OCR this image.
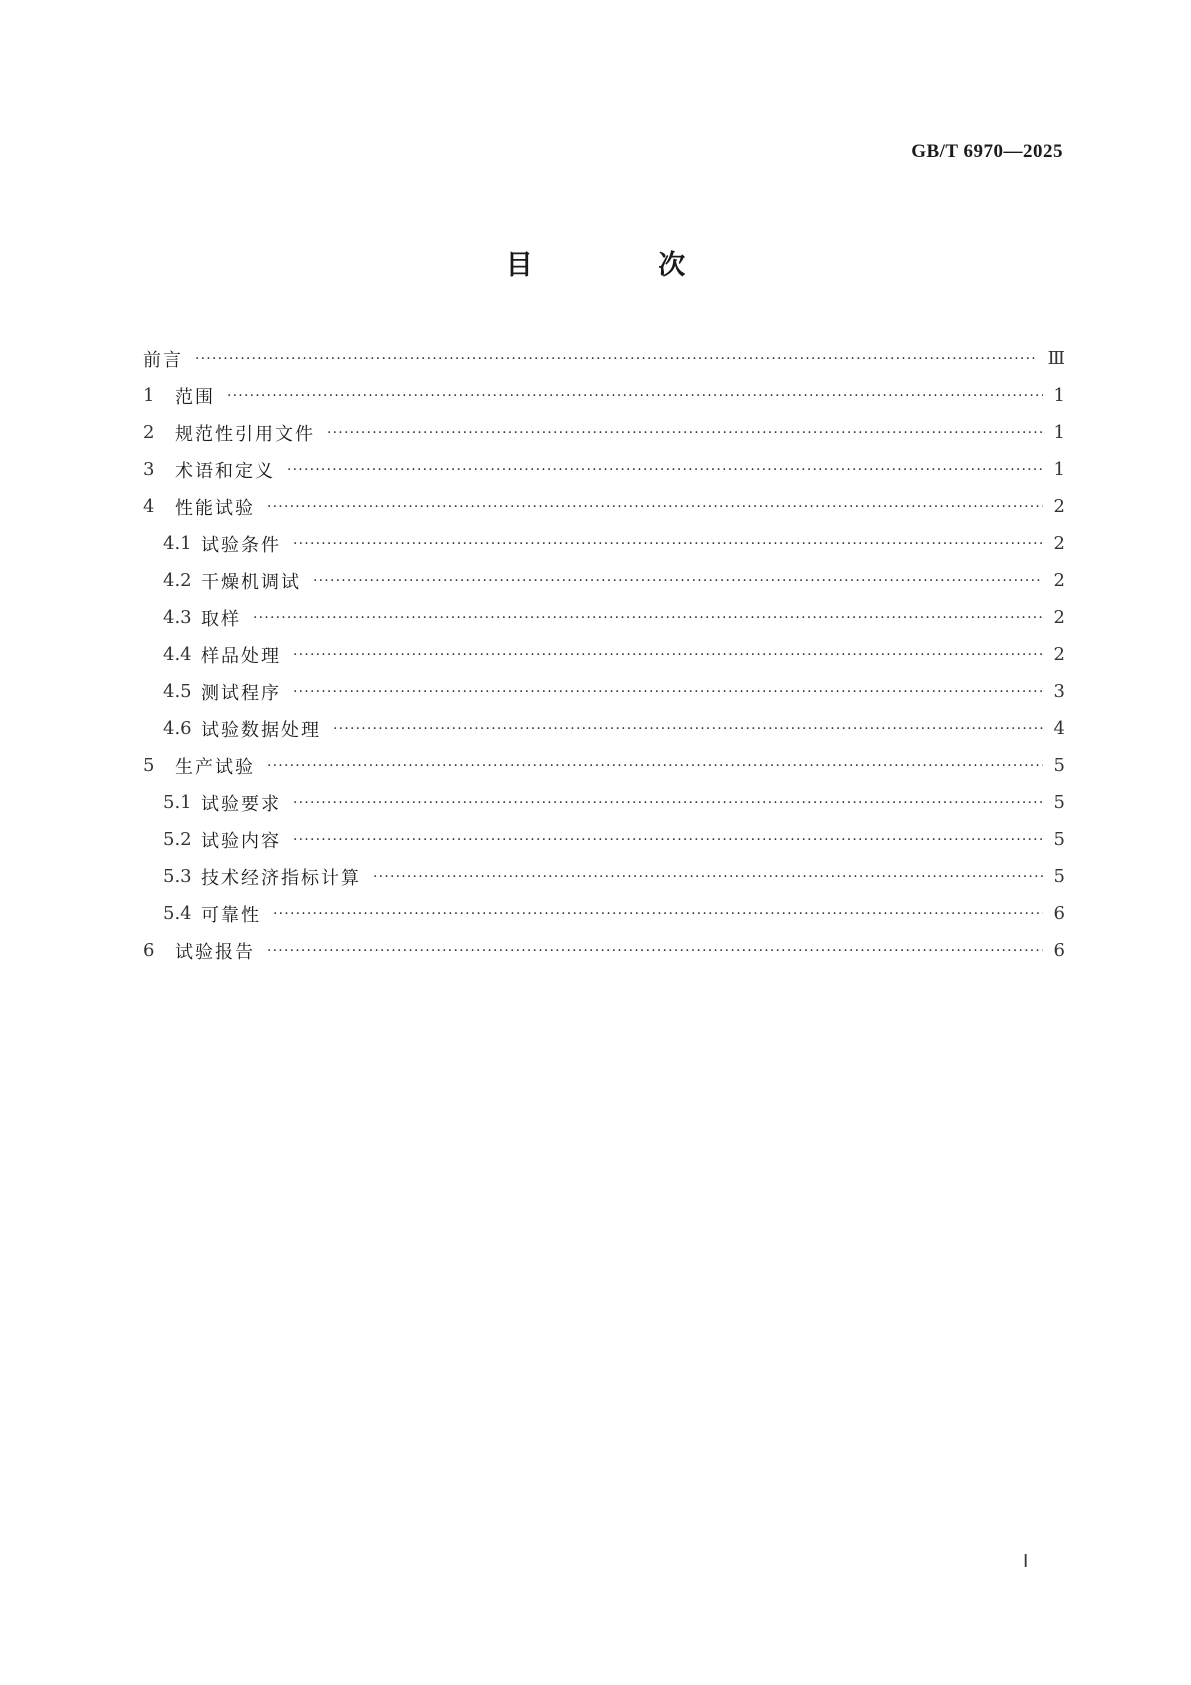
GB/T 6970—2025
目 次
前言 ·····	Ⅲ
1	范围 ·····	1
2	规范性引用文件 ·····	1
3	术语和定义 ·····	1
4	性能试验 ·····	2
4.1 试验条件 ·····	2
4.2 干燥机调试 ·····	2
4.3 取样 ·····	2
4.4 样品处理 ·····	2
4.5 测试程序 ·····	3
4.6 试验数据处理 ·····	4
5	生产试验 ·····	5
5.1 试验要求 ·····	5
5.2 试验内容 ·····	5
5.3 技术经济指标计算 ·····	5
5.4 可靠性 ·····	6
6	试验报告 ·····	6
Ⅰ
